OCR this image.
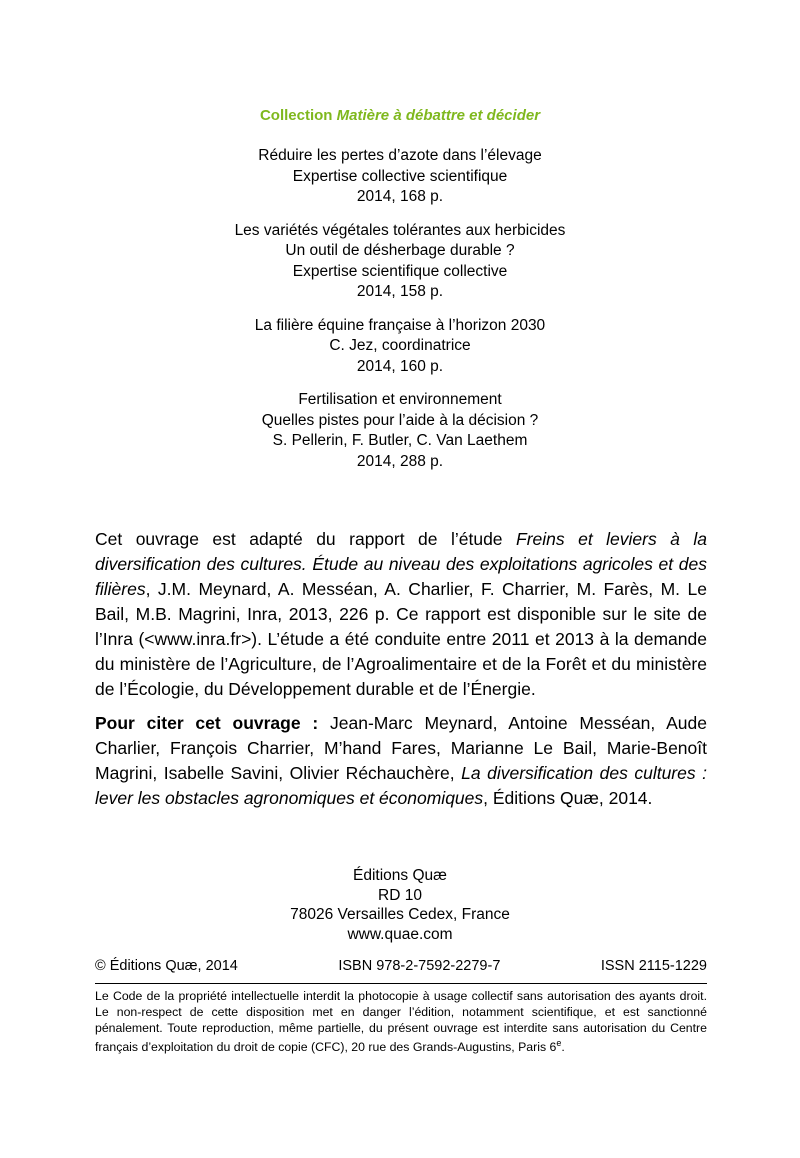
Collection Matière à débattre et décider
Réduire les pertes d’azote dans l’élevage
Expertise collective scientifique
2014, 168 p.
Les variétés végétales tolérantes aux herbicides
Un outil de désherbage durable ?
Expertise scientifique collective
2014, 158 p.
La filière équine française à l’horizon 2030
C. Jez, coordinatrice
2014, 160 p.
Fertilisation et environnement
Quelles pistes pour l’aide à la décision ?
S. Pellerin, F. Butler, C. Van Laethem
2014, 288 p.

Cet ouvrage est adapté du rapport de l’étude Freins et leviers à la diversification des cultures. Étude au niveau des exploitations agricoles et des filières, J.M. Meynard, A. Messéan, A. Charlier, F. Charrier, M. Farès, M. Le Bail, M.B. Magrini, Inra, 2013, 226 p. Ce rapport est disponible sur le site de l’Inra (<www.inra.fr>). L’étude a été conduite entre 2011 et 2013 à la demande du ministère de l’Agriculture, de l’Agroalimentaire et de la Forêt et du ministère de l’Écologie, du Développement durable et de l’Énergie.

Pour citer cet ouvrage : Jean-Marc Meynard, Antoine Messéan, Aude Charlier, François Charrier, M’hand Fares, Marianne Le Bail, Marie-Benoît Magrini, Isabelle Savini, Olivier Réchauchère, La diversification des cultures : lever les obstacles agronomiques et économiques, Éditions Quæ, 2014.

Éditions Quæ
RD 10
78026 Versailles Cedex, France
www.quae.com
© Éditions Quæ, 2014	ISBN 978-2-7592-2279-7	ISSN 2115-1229
Le Code de la propriété intellectuelle interdit la photocopie à usage collectif sans autorisation des ayants droit. Le non-respect de cette disposition met en danger l’édition, notamment scientifique, et est sanctionné pénalement. Toute reproduction, même partielle, du présent ouvrage est interdite sans autorisation du Centre français d’exploitation du droit de copie (CFC), 20 rue des Grands-Augustins, Paris 6e.
